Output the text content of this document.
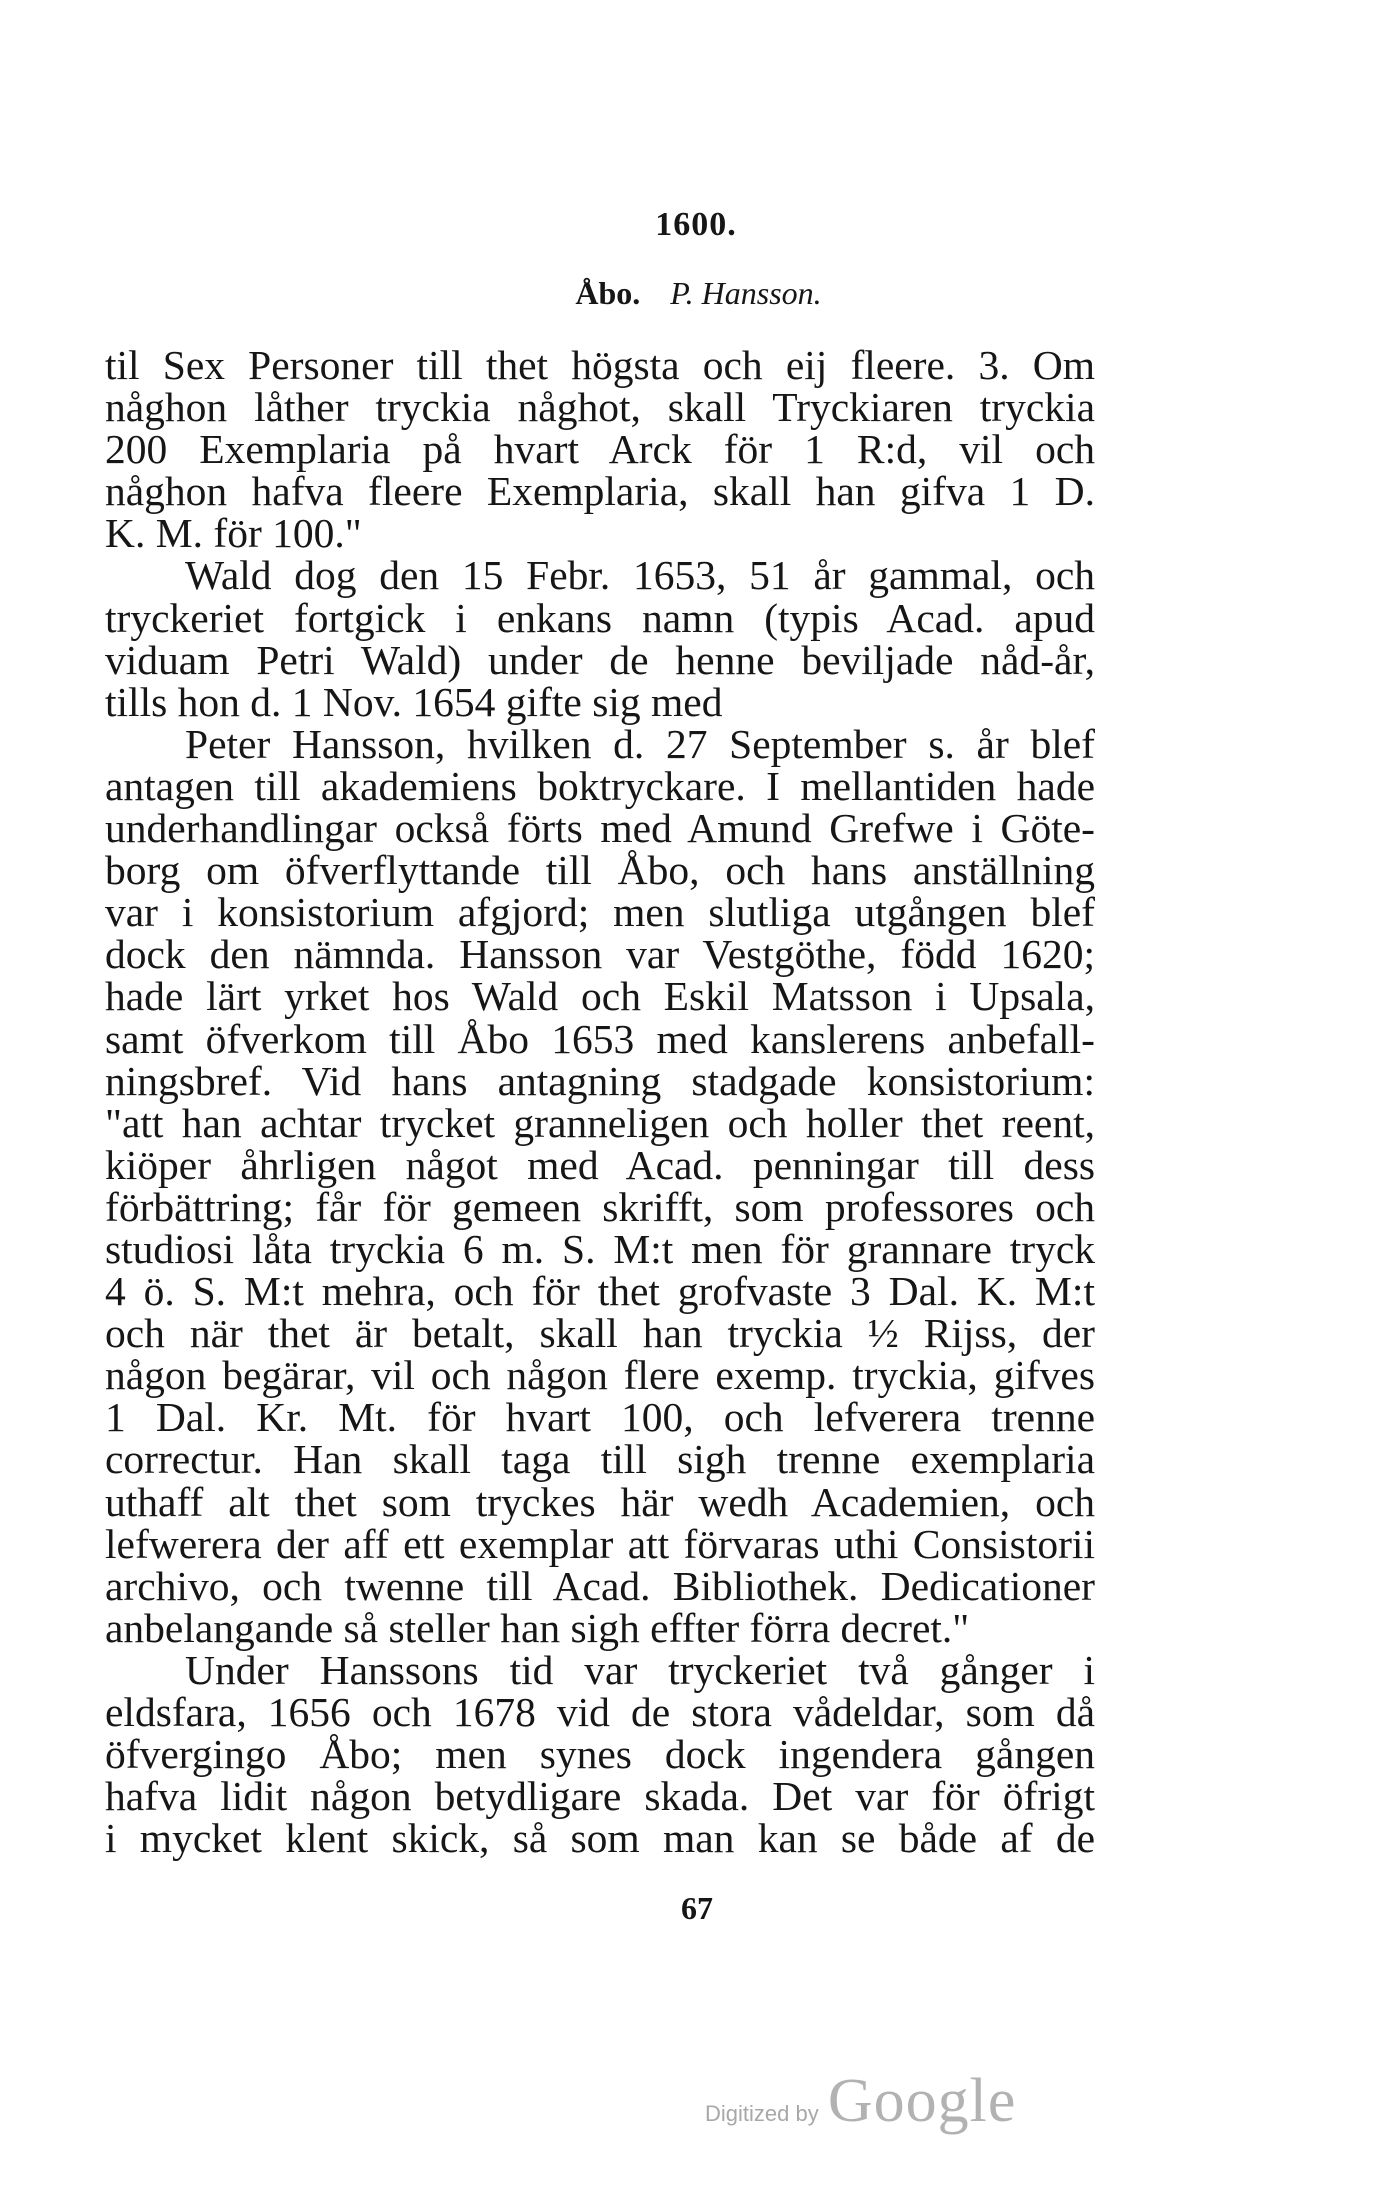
1600.
Åbo. P. Hansson.
til Sex Personer till thet högsta och eij fleere. 3. Om
någhon låther tryckia någhot, skall Tryckiaren tryckia
200 Exemplaria på hvart Arck för 1 R:d, vil och
någhon hafva fleere Exemplaria, skall han gifva 1 D.
K. M. för 100."
Wald dog den 15 Febr. 1653, 51 år gammal, och
tryckeriet fortgick i enkans namn (typis Acad. apud
viduam Petri Wald) under de henne beviljade nåd-år,
tills hon d. 1 Nov. 1654 gifte sig med
Peter Hansson, hvilken d. 27 September s. år blef
antagen till akademiens boktryckare. I mellantiden hade
underhandlingar också förts med Amund Grefwe i Göte-
borg om öfverflyttande till Åbo, och hans anställning
var i konsistorium afgjord; men slutliga utgången blef
dock den nämnda. Hansson var Vestgöthe, född 1620;
hade lärt yrket hos Wald och Eskil Matsson i Upsala,
samt öfverkom till Åbo 1653 med kanslerens anbefall-
ningsbref. Vid hans antagning stadgade konsistorium:
"att han achtar trycket granneligen och holler thet reent,
kiöper åhrligen något med Acad. penningar till dess
förbättring; får för gemeen skrifft, som professores och
studiosi låta tryckia 6 m. S. M:t men för grannare tryck
4 ö. S. M:t mehra, och för thet grofvaste 3 Dal. K. M:t
och när thet är betalt, skall han tryckia ½ Rijss, der
någon begärar, vil och någon flere exemp. tryckia, gifves
1 Dal. Kr. Mt. för hvart 100, och lefverera trenne
correctur. Han skall taga till sigh trenne exemplaria
uthaff alt thet som tryckes här wedh Academien, och
lefwerera der aff ett exemplar att förvaras uthi Consistorii
archivo, och twenne till Acad. Bibliothek. Dedicationer
anbelangande så steller han sigh effter förra decret."
Under Hanssons tid var tryckeriet två gånger i
eldsfara, 1656 och 1678 vid de stora vådeldar, som då
öfvergingo Åbo; men synes dock ingendera gången
hafva lidit någon betydligare skada. Det var för öfrigt
i mycket klent skick, så som man kan se både af de
67
Digitized by Google
